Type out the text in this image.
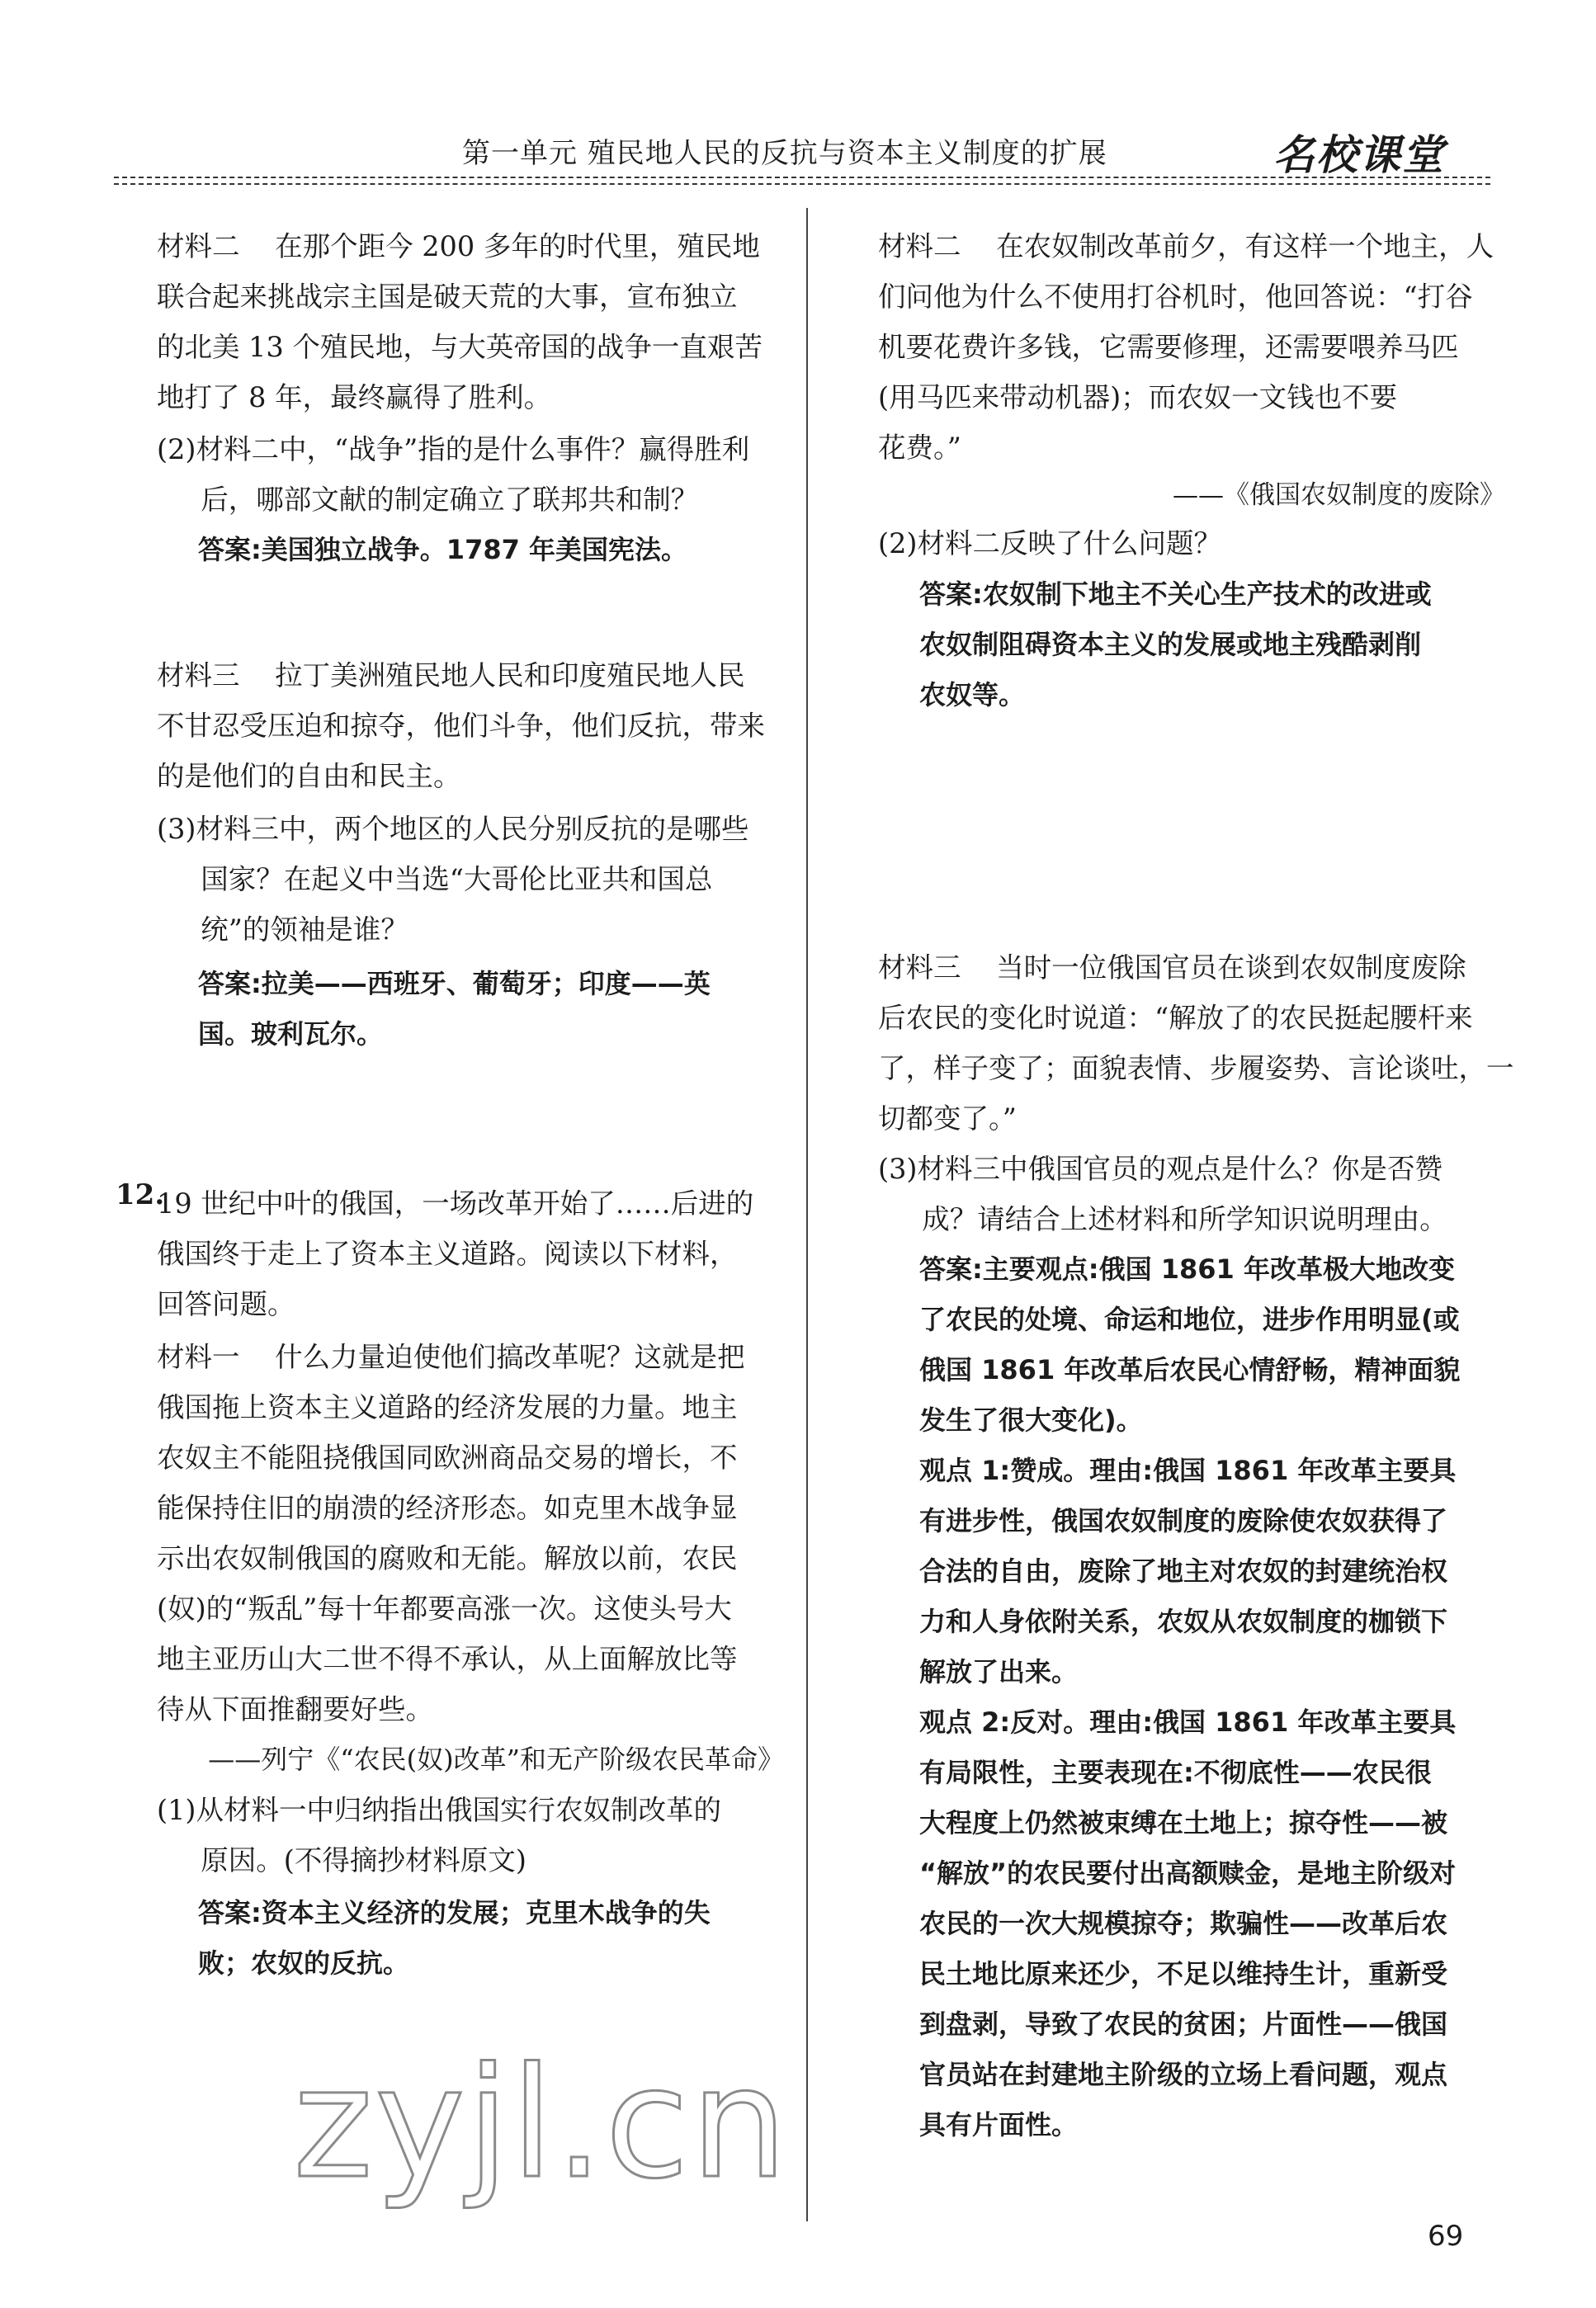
第一单元 殖民地人民的反抗与资本主义制度的扩展	名校课堂
材料二    在那个距今 200 多年的时代里，殖民地
联合起来挑战宗主国是破天荒的大事，宣布独立
的北美 13 个殖民地，与大英帝国的战争一直艰苦
地打了 8 年，最终赢得了胜利。
(2)材料二中，“战争”指的是什么事件？赢得胜利
后，哪部文献的制定确立了联邦共和制？
答案:美国独立战争。1787 年美国宪法。
材料三    拉丁美洲殖民地人民和印度殖民地人民
不甘忍受压迫和掠夺，他们斗争，他们反抗，带来
的是他们的自由和民主。
(3)材料三中，两个地区的人民分别反抗的是哪些
国家？在起义中当选“大哥伦比亚共和国总
统”的领袖是谁？
答案:拉美——西班牙、葡萄牙；印度——英
国。玻利瓦尔。
12.
19 世纪中叶的俄国，一场改革开始了……后进的
俄国终于走上了资本主义道路。阅读以下材料，
回答问题。
材料一    什么力量迫使他们搞改革呢？这就是把
俄国拖上资本主义道路的经济发展的力量。地主
农奴主不能阻挠俄国同欧洲商品交易的增长，不
能保持住旧的崩溃的经济形态。如克里木战争显
示出农奴制俄国的腐败和无能。解放以前，农民
(奴)的“叛乱”每十年都要高涨一次。这使头号大
地主亚历山大二世不得不承认，从上面解放比等
待从下面推翻要好些。
——列宁《“农民(奴)改革”和无产阶级农民革命》
(1)从材料一中归纳指出俄国实行农奴制改革的
原因。(不得摘抄材料原文)
答案:资本主义经济的发展；克里木战争的失
败；农奴的反抗。
材料二    在农奴制改革前夕，有这样一个地主，人
们问他为什么不使用打谷机时，他回答说：“打谷
机要花费许多钱，它需要修理，还需要喂养马匹
(用马匹来带动机器)；而农奴一文钱也不要
花费。”
——《俄国农奴制度的废除》
(2)材料二反映了什么问题？
答案:农奴制下地主不关心生产技术的改进或
农奴制阻碍资本主义的发展或地主残酷剥削
农奴等。
材料三    当时一位俄国官员在谈到农奴制度废除
后农民的变化时说道：“解放了的农民挺起腰杆来
了，样子变了；面貌表情、步履姿势、言论谈吐，一
切都变了。”
(3)材料三中俄国官员的观点是什么？你是否赞
成？请结合上述材料和所学知识说明理由。
答案:主要观点:俄国 1861 年改革极大地改变
了农民的处境、命运和地位，进步作用明显(或
俄国 1861 年改革后农民心情舒畅，精神面貌
发生了很大变化)。
观点 1:赞成。理由:俄国 1861 年改革主要具
有进步性，俄国农奴制度的废除使农奴获得了
合法的自由，废除了地主对农奴的封建统治权
力和人身依附关系，农奴从农奴制度的枷锁下
解放了出来。
观点 2:反对。理由:俄国 1861 年改革主要具
有局限性，主要表现在:不彻底性——农民很
大程度上仍然被束缚在土地上；掠夺性——被
“解放”的农民要付出高额赎金，是地主阶级对
农民的一次大规模掠夺；欺骗性——改革后农
民土地比原来还少，不足以维持生计，重新受
到盘剥，导致了农民的贫困；片面性——俄国
官员站在封建地主阶级的立场上看问题，观点
具有片面性。
zyjl.cn
69
